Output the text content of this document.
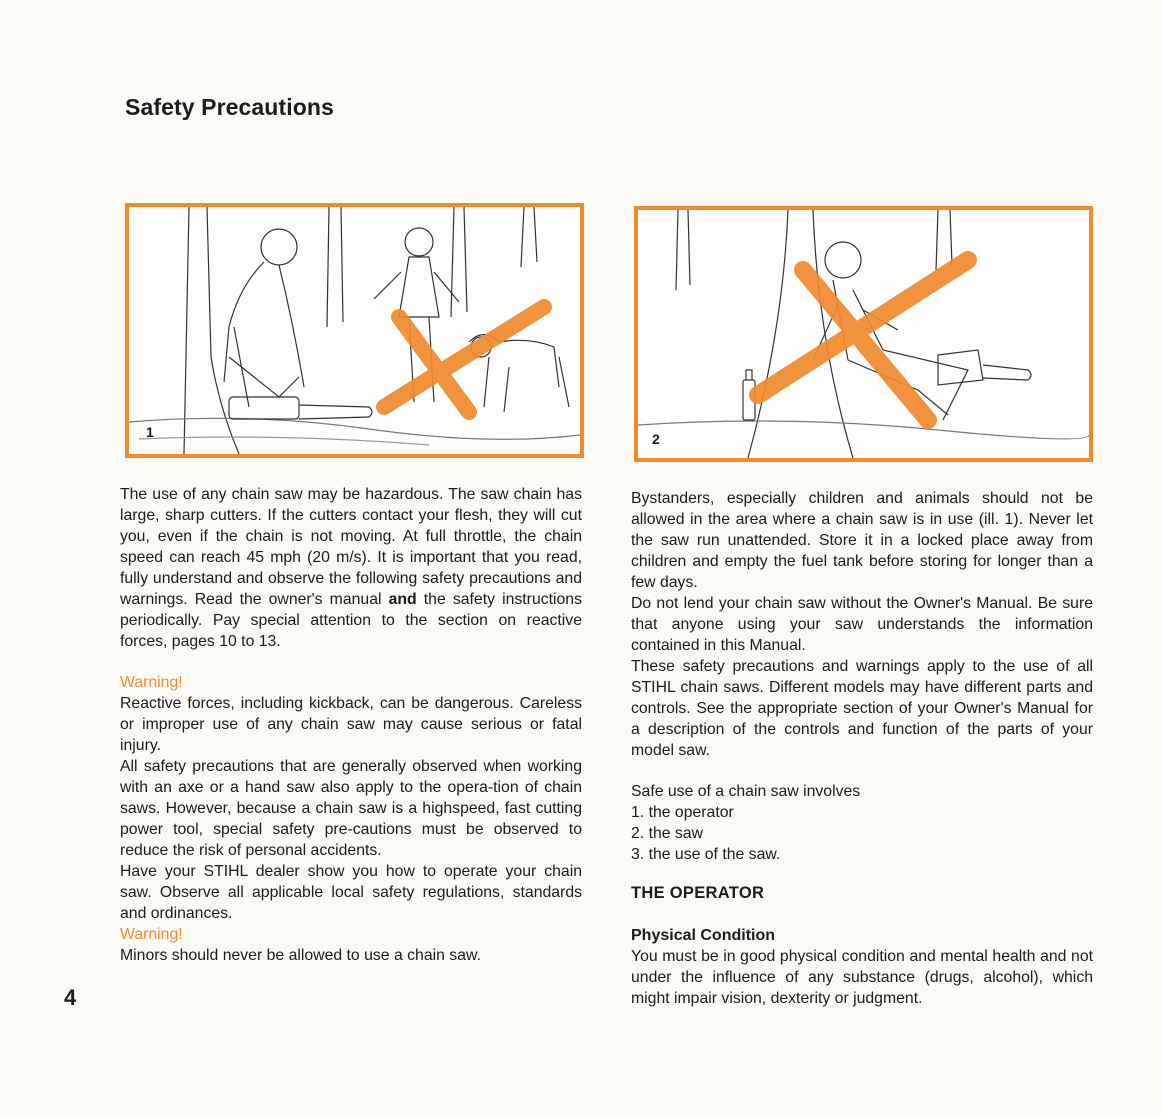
Safety Precautions
1	2

The use of any chain saw may be hazardous. The saw chain has large, sharp cutters. If the cutters contact your flesh, they will cut you, even if the chain is not moving. At full throttle, the chain speed can reach 45 mph (20 m/s). It is important that you read, fully understand and observe the following safety precautions and warnings. Read the owner's manual and the safety instructions periodically. Pay special attention to the section on reactive forces, pages 10 to 13.

Warning!

Reactive forces, including kickback, can be dangerous. Careless or improper use of any chain saw may cause serious or fatal injury.

All safety precautions that are generally observed when working with an axe or a hand saw also apply to the opera-tion of chain saws. However, because a chain saw is a highspeed, fast cutting power tool, special safety pre-cautions must be observed to reduce the risk of personal accidents.

Have your STIHL dealer show you how to operate your chain saw. Observe all applicable local safety regulations, standards and ordinances.

Warning!

Minors should never be allowed to use a chain saw.

Bystanders, especially children and animals should not be allowed in the area where a chain saw is in use (ill. 1). Never let the saw run unattended. Store it in a locked place away from children and empty the fuel tank before storing for longer than a few days.

Do not lend your chain saw without the Owner's Manual. Be sure that anyone using your saw understands the information contained in this Manual.

These safety precautions and warnings apply to the use of all STIHL chain saws. Different models may have different parts and controls. See the appropriate section of your Owner's Manual for a description of the controls and function of the parts of your model saw.

Safe use of a chain saw involves
1. the operator
2. the saw
3. the use of the saw.
THE OPERATOR
Physical Condition

You must be in good physical condition and mental health and not under the influence of any substance (drugs, alcohol), which might impair vision, dexterity or judgment.

4
